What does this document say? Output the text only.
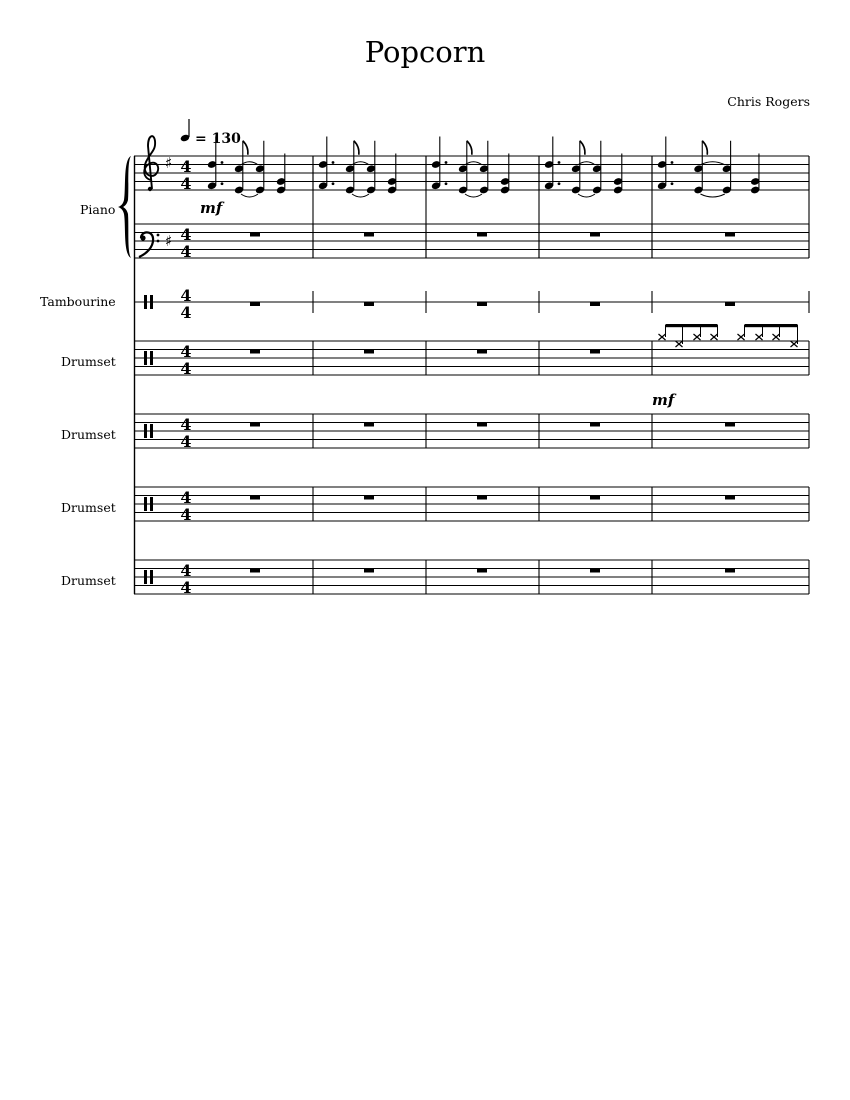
Popcorn
Chris Rogers
= 130
Piano
Tambourine
Drumset
Drumset
Drumset
Drumset
♯
♯
4
4
4
4
4
4
4
4
4
4
4
4
4
4
mf
mf
